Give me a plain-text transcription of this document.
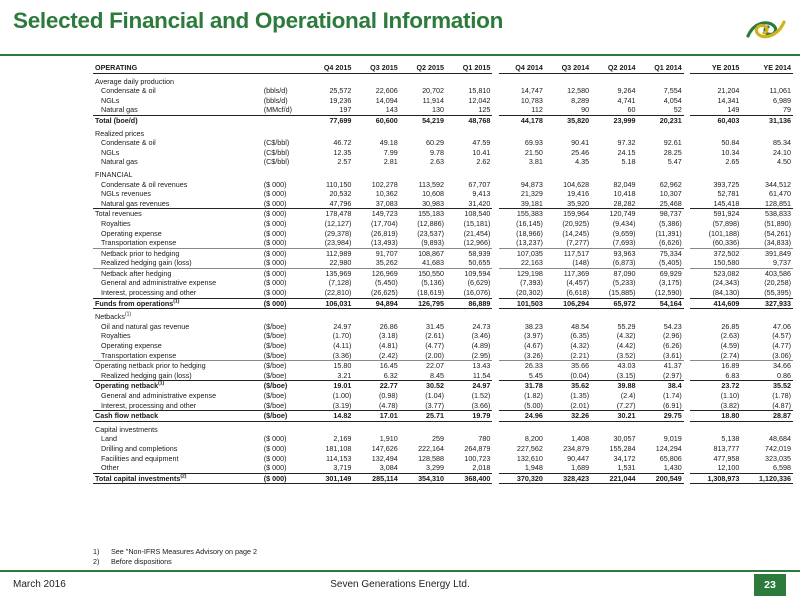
Selected Financial and Operational Information
OPERATING		Q4 2015	Q3 2015	Q2 2015	Q1 2015		Q4 2014	Q3 2014	Q2 2014	Q1 2014		YE 2015	YE 2014
Average daily production													
Condensate & oil	(bbls/d)	25,572	22,606	20,702	15,810		14,747	12,580	9,264	7,554		21,204	11,061
NGLs	(bbls/d)	19,236	14,094	11,914	12,042		10,783	8,289	4,741	4,054		14,341	6,989
Natural gas	(MMcf/d)	197	143	130	125		112	90	60	52		149	79
Total (boe/d)		77,699	60,600	54,219	48,768		44,178	35,820	23,999	20,231		60,403	31,136
Realized prices													
Condensate & oil	(C$/bbl)	46.72	49.18	60.29	47.59		69.93	90.41	97.32	92.61		50.84	85.34
NGLs	(C$/bbl)	12.35	7.99	9.78	10.41		21.50	25.46	24.15	28.25		10.34	24.10
Natural gas	(C$/bbl)	2.57	2.81	2.63	2.62		3.81	4.35	5.18	5.47		2.65	4.50
FINANCIAL													
Condensate & oil revenues	($ 000)	110,150	102,278	113,592	67,707		94,873	104,628	82,049	62,962		393,725	344,512
NGLs revenues	($ 000)	20,532	10,362	10,608	9,413		21,329	19,416	10,418	10,307		52,781	61,470
Natural gas revenues	($ 000)	47,796	37,083	30,983	31,420		39,181	35,920	28,282	25,468		145,418	128,851
Total revenues	($ 000)	178,478	149,723	155,183	108,540		155,383	159,964	120,749	98,737		591,924	538,833
Royalties	($ 000)	(12,127)	(17,704)	(12,886)	(15,181)		(16,145)	(20,925)	(9,434)	(5,386)		(57,898)	(51,890)
Operating expense	($ 000)	(29,378)	(26,819)	(23,537)	(21,454)		(18,966)	(14,245)	(9,659)	(11,391)		(101,188)	(54,261)
Transportation expense	($ 000)	(23,984)	(13,493)	(9,893)	(12,966)		(13,237)	(7,277)	(7,693)	(6,626)		(60,336)	(34,833)
Netback prior to hedging	($ 000)	112,989	91,707	108,867	58,939		107,035	117,517	93,963	75,334		372,502	391,849
Realized hedging gain (loss)	($ 000)	22,980	35,262	41,683	50,655		22,163	(148)	(6,873)	(5,405)		150,580	9,737
Netback after hedging	($ 000)	135,969	126,969	150,550	109,594		129,198	117,369	87,090	69,929		523,082	403,586
General and administrative expense	($ 000)	(7,128)	(5,450)	(5,136)	(6,629)		(7,393)	(4,457)	(5,233)	(3,175)		(24,343)	(20,258)
Interest, processing and other	($ 000)	(22,810)	(26,625)	(18,619)	(16,076)		(20,302)	(6,618)	(15,885)	(12,590)		(84,130)	(55,395)
Funds from operations$^{(1)}$	($ 000)	106,031	94,894	126,795	86,889		101,503	106,294	65,972	54,164		414,609	327,933
Netbacks$^{(1)}$													
Oil and natural gas revenue	($/boe)	24.97	26.86	31.45	24.73		38.23	48.54	55.29	54.23		26.85	47.06
Royalties	($/boe)	(1.70)	(3.18)	(2.61)	(3.46)		(3.97)	(6.35)	(4.32)	(2.96)		(2.63)	(4.57)
Operating expense	($/boe)	(4.11)	(4.81)	(4.77)	(4.89)		(4.67)	(4.32)	(4.42)	(6.26)		(4.59)	(4.77)
Transportation expense	($/boe)	(3.36)	(2.42)	(2.00)	(2.95)		(3.26)	(2.21)	(3.52)	(3.61)		(2.74)	(3.06)
Operating netback prior to hedging	($/boe)	15.80	16.45	22.07	13.43		26.33	35.66	43.03	41.37		16.89	34.66
Realized hedging gain (loss)	($/boe)	3.21	6.32	8.45	11.54		5.45	(0.04)	(3.15)	(2.97)		6.83	0.86
Operating netback$^{(1)}$	($/boe)	19.01	22.77	30.52	24.97		31.78	35.62	39.88	38.4		23.72	35.52
General and administrative expense	($/boe)	(1.00)	(0.98)	(1.04)	(1.52)		(1.82)	(1.35)	(2.4)	(1.74)		(1.10)	(1.78)
Interest, processing and other	($/boe)	(3.19)	(4.78)	(3.77)	(3.66)		(5.00)	(2.01)	(7.27)	(6.91)		(3.82)	(4.87)
Cash flow netback	($/boe)	14.82	17.01	25.71	19.79		24.96	32.26	30.21	29.75		18.80	28.87
Capital investments													
Land	($ 000)	2,169	1,910	259	780		8,200	1,408	30,057	9,019		5,138	48,684
Drilling and completions	($ 000)	181,108	147,626	222,164	264,879		227,562	234,879	155,284	124,294		813,777	742,019
Facilities and equipment	($ 000)	114,153	132,494	128,588	100,723		132,610	90,447	34,172	65,806		477,958	323,035
Other	($ 000)	3,719	3,084	3,299	2,018		1,948	1,689	1,531	1,430		12,100	6,598
Total capital investments$^{(2)}$	($ 000)	301,149	285,114	354,310	368,400		370,320	328,423	221,044	200,549		1,308,973	1,120,336
1) See "Non-IFRS Measures Advisory on page 2
2) Before dispositions
March 2016	Seven Generations Energy Ltd.	23
